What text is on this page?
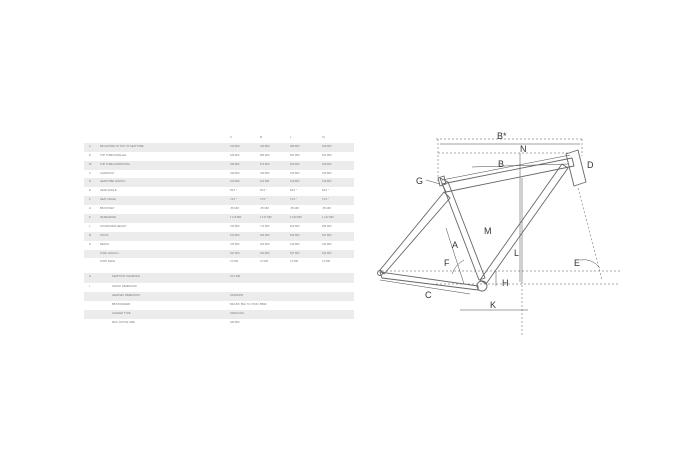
S	M	L	XL
A	BB CENTRE TO TOP OF SEATTUBE	410 MM	440 MM	480 MM	520 MM
B	TOP TUBE PARALLEL	545 MM	582 MM	597 MM	621 MM
B*	TOP TUBE HORIZONTAL	545 MM	570 MM	600 MM	625 MM
C	CHAINSTAY	430 MM	430 MM	430 MM	430 MM
D	HEADTUBE LENGTH	100 MM	110 MM	120 MM	130 MM
E	HEAD ANGLE	69.5 °	69.5 °	69.5 °	69.5 °
F	SEAT ANGLE	74.5 °	74.5 °	74.5 °	74.5 °
H	BB OFFSET	-55 MM	-55 MM	-55 MM	-55 MM
K	WHEELBASE	1 115 MM	1 137 MM	1 163 MM	1 212 MM
L	STANDOVER HEIGHT	760 MM	771 MM	812 MM	834 MM
M	STACK	610 MM	624 MM	632 MM	647 MM
N	REACH	376 MM	402 MM	412 MM	441 MM
FORK LENGTH	547 MM	543 MM	547 MM	541 MM
FORK RAKE	47 MM	47 MM	47 MM	47 MM
G	SEATPOST DIAMETER	31,6 MM
I	SHOCK DIMENSION
HEADSET DIMENSION	ZS44/ZS56
BB STANDARD	BSA 68 / BSA 73 / PF30 / BB30
HANGER TYPE	SRAM UDH
MAX. ROTOR SIZE	180 MM
B*
N
B	D
G
M
A
F
L
E
C
H
K
